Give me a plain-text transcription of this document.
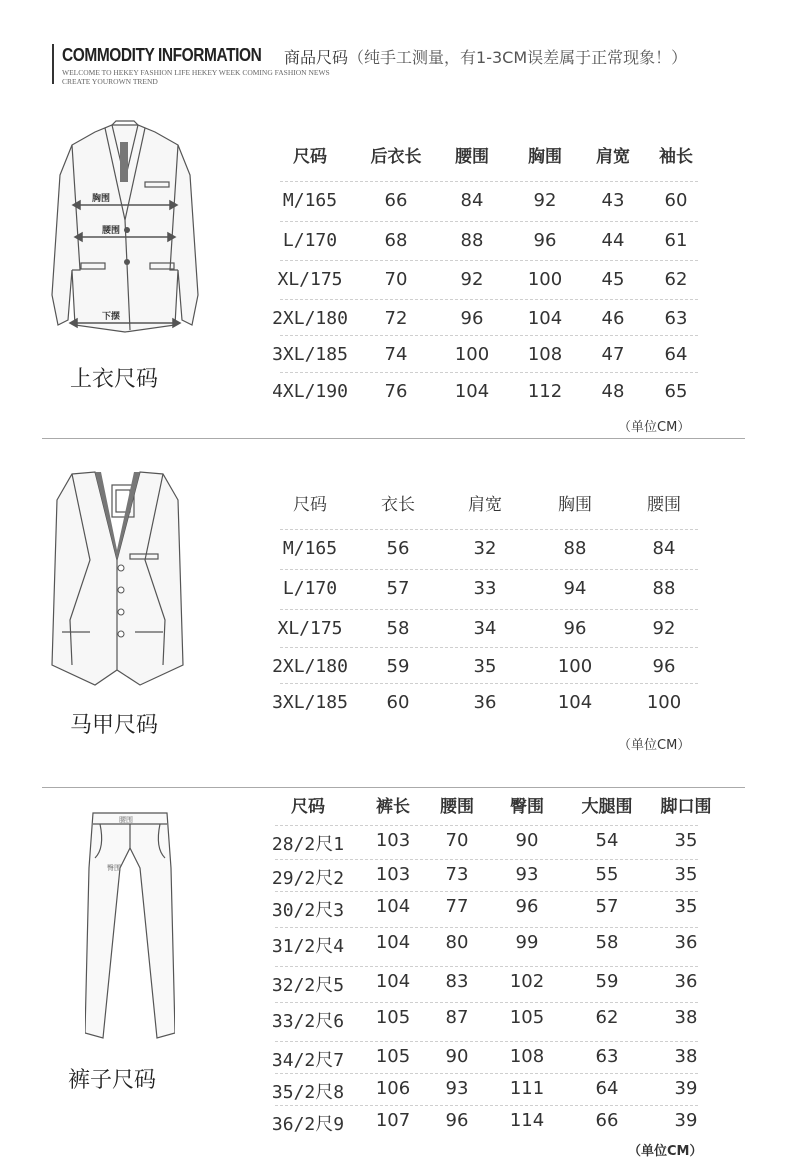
COMMODITY INFORMATION 商品尺码（纯手工测量，有1-3CM误差属于正常现象！）
WELCOME TO HEKEY FASHION LIFE HEKEY WEEK COMING FASHION NEWS
CREATE YOUROWN TREND
胸围
腰围
下摆
上衣尺码
尺码	后衣长	腰围	胸围	肩宽	袖长
M/165	66	84	92	43	60
L/170	68	88	96	44	61
XL/175	70	92	100	45	62
2XL/180	72	96	104	46	63
3XL/185	74	100	108	47	64
4XL/190	76	104	112	48	65
（单位CM）
马甲尺码
尺码	衣长	肩宽	胸围	腰围
M/165	56	32	88	84
L/170	57	33	94	88
XL/175	58	34	96	92
2XL/180	59	35	100	96
3XL/185	60	36	104	100
（单位CM）
腰围
臀围
裤子尺码
尺码	裤长	腰围	臀围	大腿围	脚口围
28/2尺1	103	70	90	54	35
29/2尺2	103	73	93	55	35
30/2尺3	104	77	96	57	35
31/2尺4	104	80	99	58	36
32/2尺5	104	83	102	59	36
33/2尺6	105	87	105	62	38
34/2尺7	105	90	108	63	38
35/2尺8	106	93	111	64	39
36/2尺9	107	96	114	66	39
（单位CM）
